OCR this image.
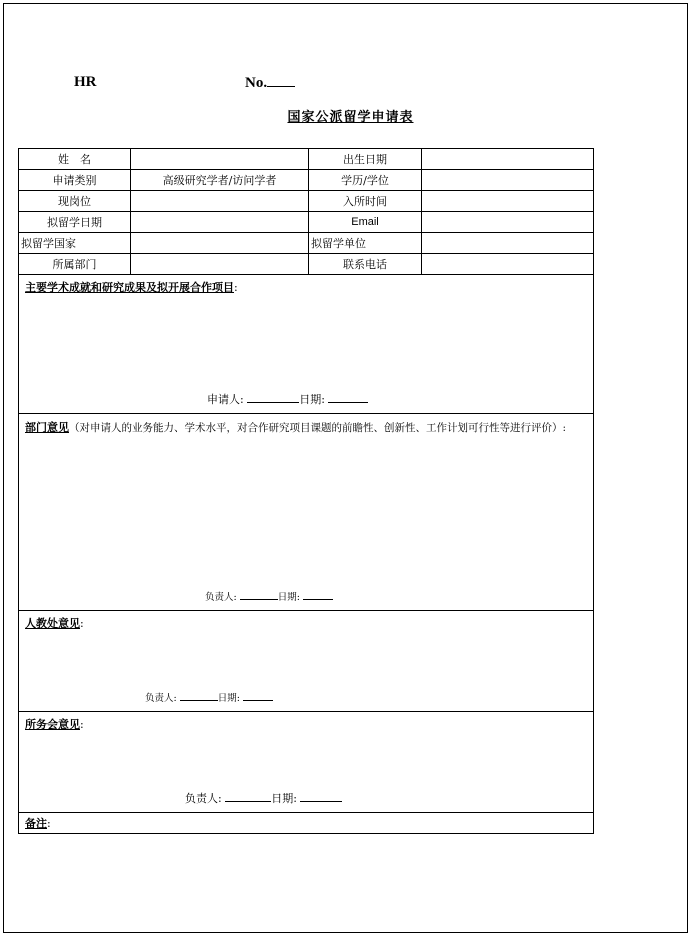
HR	No.
国家公派留学申请表
姓　名		出生日期	
申请类别	高级研究学者/访问学者	学历/学位	
现岗位		入所时间	
拟留学日期		Email	
拟留学国家		拟留学单位	
所属部门		联系电话	

主要学术成就和研究成果及拟开展合作项目:
申请人: 日期:			

部门意见（对申请人的业务能力、学术水平，对合作研究项目课题的前瞻性、创新性、工作计划可行性等进行评价）:
负责人: 日期:			

人教处意见:
负责人: 日期:			

所务会意见:
负责人: 日期:			

备注:			
